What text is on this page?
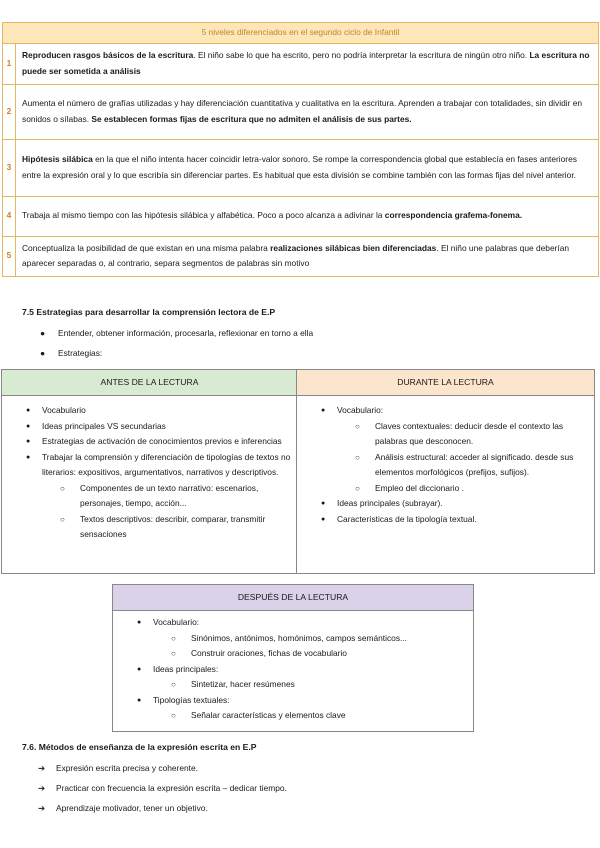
5 niveles diferenciados en el segundo ciclo de Infantil	
1	Reproducen rasgos básicos de la escritura. El niño sabe lo que ha escrito, pero no podría interpretar la escritura de ningún otro niño. La escritura no puede ser sometida a análisis
2	Aumenta el número de grafías utilizadas y hay diferenciación cuantitativa y cualitativa en la escritura. Aprenden a trabajar con totalidades, sin dividir en sonidos o sílabas. Se establecen formas fijas de escritura que no admiten el análisis de sus partes.
3	Hipótesis silábica en la que el niño intenta hacer coincidir letra-valor sonoro. Se rompe la correspondencia global que establecía en fases anteriores entre la expresión oral y lo que escribía sin diferenciar partes. Es habitual que esta división se combine también con las formas fijas del nivel anterior.
4	Trabaja al mismo tiempo con las hipótesis silábica y alfabética. Poco a poco alcanza a adivinar la correspondencia grafema-fonema.
5	Conceptualiza la posibilidad de que existan en una misma palabra realizaciones silábicas bien diferenciadas. El niño une palabras que deberían aparecer separadas o, al contrario, separa segmentos de palabras sin motivo
7.5 Estrategias para desarrollar la comprensión lectora de E.P
● Entender, obtener información, procesarla, reflexionar en torno a ella
● Estrategias:
ANTES DE LA LECTURA
● Vocabulario
● Ideas principales VS secundarias
● Estrategias de activación de conocimientos previos e inferencias
● Trabajar la comprensión y diferenciación de tipologías de textos no literarios: expositivos, argumentativos, narrativos y descriptivos.
○ Componentes de un texto narrativo: escenarios, personajes, tiempo, acción...
○ Textos descriptivos: describir, comparar, transmitir sensaciones
DURANTE LA LECTURA
● Vocabulario:
○ Claves contextuales: deducir desde el contexto las palabras que desconocen.
○ Análisis estructural: acceder al significado. desde sus elementos morfológicos (prefijos, sufijos).
○ Empleo del diccionario .
● Ideas principales (subrayar).
● Características de la tipología textual.
DESPUÉS DE LA LECTURA
● Vocabulario:
○ Sinónimos, antónimos, homónimos, campos semánticos...
○ Construir oraciones, fichas de vocabulario
● Ideas principales:
○ Sintetizar, hacer resúmenes
● Tipologías textuales:
○ Señalar características y elementos clave
7.6. Métodos de enseñanza de la expresión escrita en E.P
➔ Expresión escrita precisa y coherente.
➔ Practicar con frecuencia la expresión escrita – dedicar tiempo.
➔ Aprendizaje motivador, tener un objetivo.
